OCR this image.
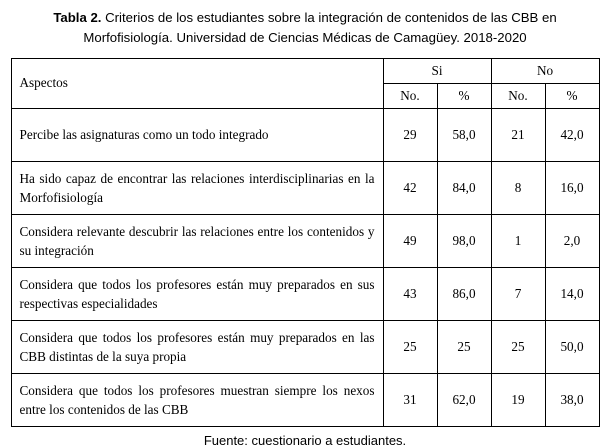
Tabla 2. Criterios de los estudiantes sobre la integración de contenidos de las CBB en Morfofisiología. Universidad de Ciencias Médicas de Camagüey. 2018-2020
Aspectos	Si		No	
	No.	%	No.	%
Percibe las asignaturas como un todo integrado	29	58,0	21	42,0
Ha sido capaz de encontrar las relaciones interdisciplinarias en la Morfofisiología	42	84,0	8	16,0
Considera relevante descubrir las relaciones entre los contenidos y su integración	49	98,0	1	2,0
Considera que todos los profesores están muy preparados en sus respectivas especialidades	43	86,0	7	14,0
Considera que todos los profesores están muy preparados en las CBB distintas de la suya propia	25	25	25	50,0
Considera que todos los profesores muestran siempre los nexos entre los contenidos de las CBB	31	62,0	19	38,0
Fuente: cuestionario a estudiantes.
